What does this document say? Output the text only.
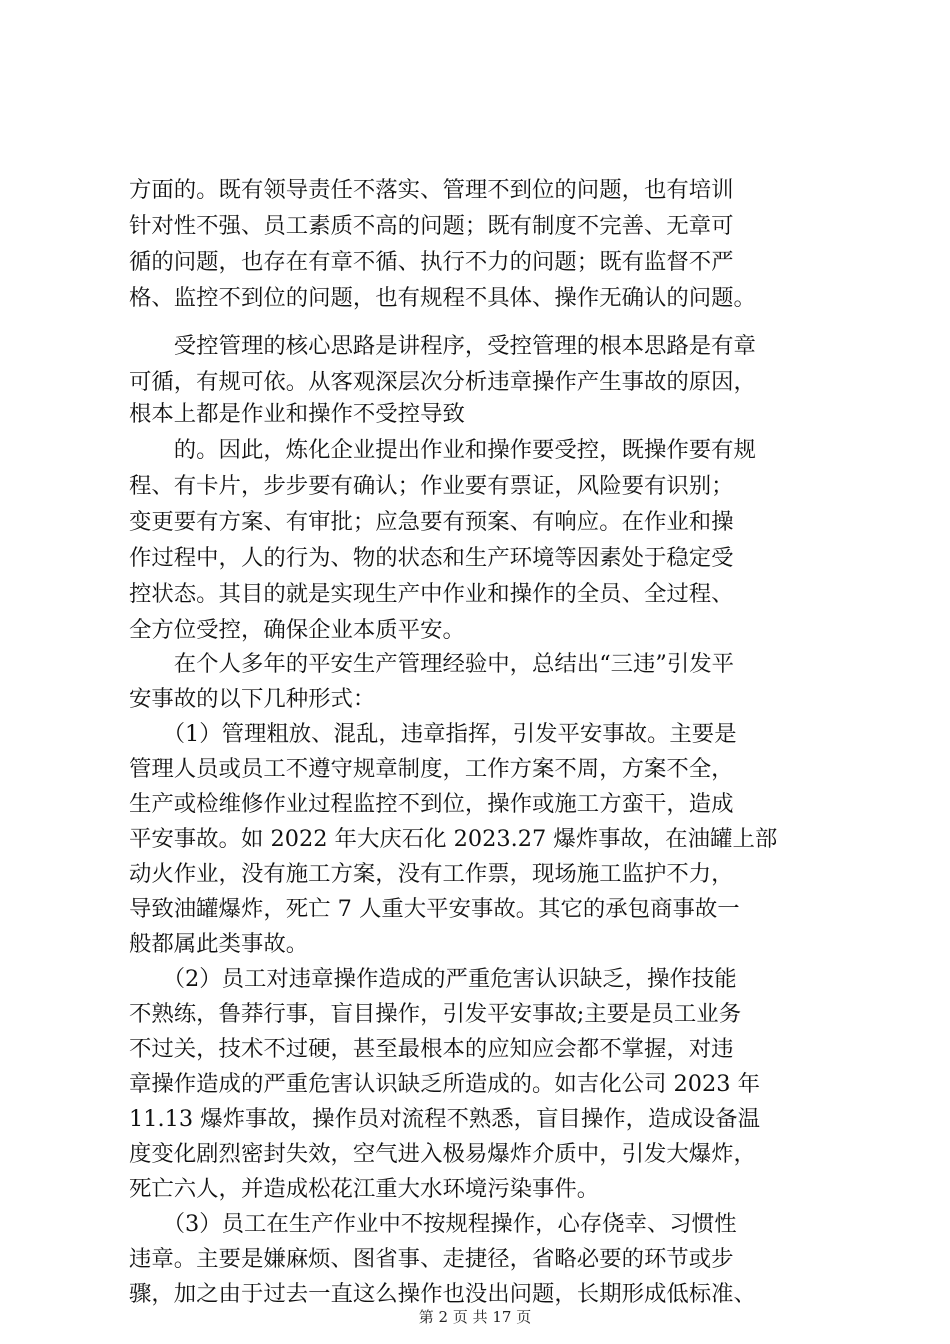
方面的。既有领导责任不落实、管理不到位的问题，也有培训
针对性不强、员工素质不高的问题；既有制度不完善、无章可
循的问题，也存在有章不循、执行不力的问题；既有监督不严
格、监控不到位的问题，也有规程不具体、操作无确认的问题。
　　受控管理的核心思路是讲程序，受控管理的根本思路是有章
可循，有规可依。从客观深层次分析违章操作产生事故的原因，
根本上都是作业和操作不受控导致
　　的。因此，炼化企业提出作业和操作要受控，既操作要有规
程、有卡片，步步要有确认；作业要有票证，风险要有识别；
变更要有方案、有审批；应急要有预案、有响应。在作业和操
作过程中，人的行为、物的状态和生产环境等因素处于稳定受
控状态。其目的就是实现生产中作业和操作的全员、全过程、
全方位受控，确保企业本质平安。
　　在个人多年的平安生产管理经验中，总结出“三违”引发平
安事故的以下几种形式：
　　（1）管理粗放、混乱，违章指挥，引发平安事故。主要是
管理人员或员工不遵守规章制度，工作方案不周，方案不全，
生产或检维修作业过程监控不到位，操作或施工方蛮干，造成
平安事故。如 2022 年大庆石化 2023.27 爆炸事故，在油罐上部
动火作业，没有施工方案，没有工作票，现场施工监护不力，
导致油罐爆炸，死亡 7 人重大平安事故。其它的承包商事故一
般都属此类事故。
　　（2）员工对违章操作造成的严重危害认识缺乏，操作技能
不熟练，鲁莽行事，盲目操作，引发平安事故;主要是员工业务
不过关，技术不过硬，甚至最根本的应知应会都不掌握，对违
章操作造成的严重危害认识缺乏所造成的。如吉化公司 2023 年
11.13 爆炸事故，操作员对流程不熟悉，盲目操作，造成设备温
度变化剧烈密封失效，空气进入极易爆炸介质中，引发大爆炸，
死亡六人，并造成松花江重大水环境污染事件。
　　（3）员工在生产作业中不按规程操作，心存侥幸、习惯性
违章。主要是嫌麻烦、图省事、走捷径，省略必要的环节或步
骤，加之由于过去一直这么操作也没出问题，长期形成低标准、
第 2 页 共 17 页
